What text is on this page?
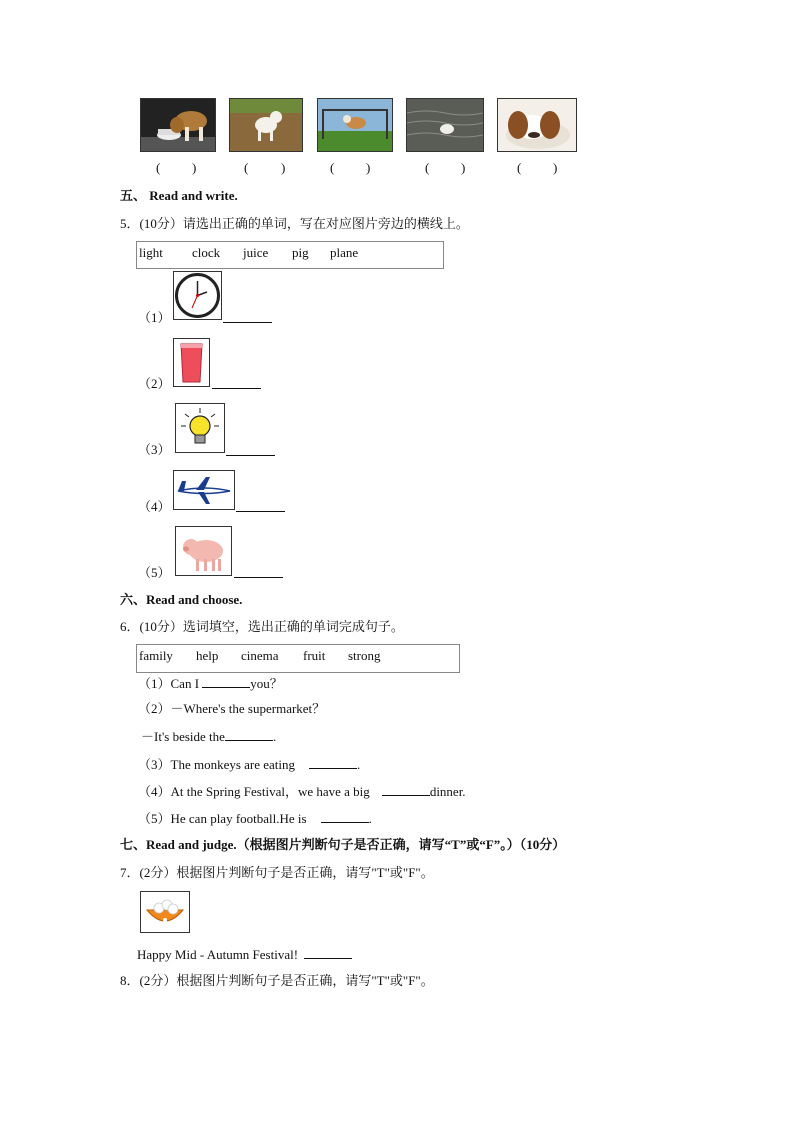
( )	(	)	( )	( )	( )
五、 Read and write.
5．(10分）请选出正确的单词，写在对应图片旁边的横线上。
light clock juice pig plane
（1）
（2）
（3）
（4）
（5）
六、Read and choose.
6．(10分）选词填空，选出正确的单词完成句子。
family help cinema fruit strong
（1）Can I	you？
（2）－Where's the supermarket？
－It's beside the	.
（3）The monkeys are eating	.
（4）At the Spring Festival，we have a big	dinner.
（5）He can play football.He is	.
七、Read and judge.（根据图片判断句子是否正确，请写“T”或“F”。）（10分）
7．(2分）根据图片判断句子是否正确，请写"T"或"F"。
Happy Mid - Autumn Festival!
8．(2分）根据图片判断句子是否正确，请写"T"或"F"。
